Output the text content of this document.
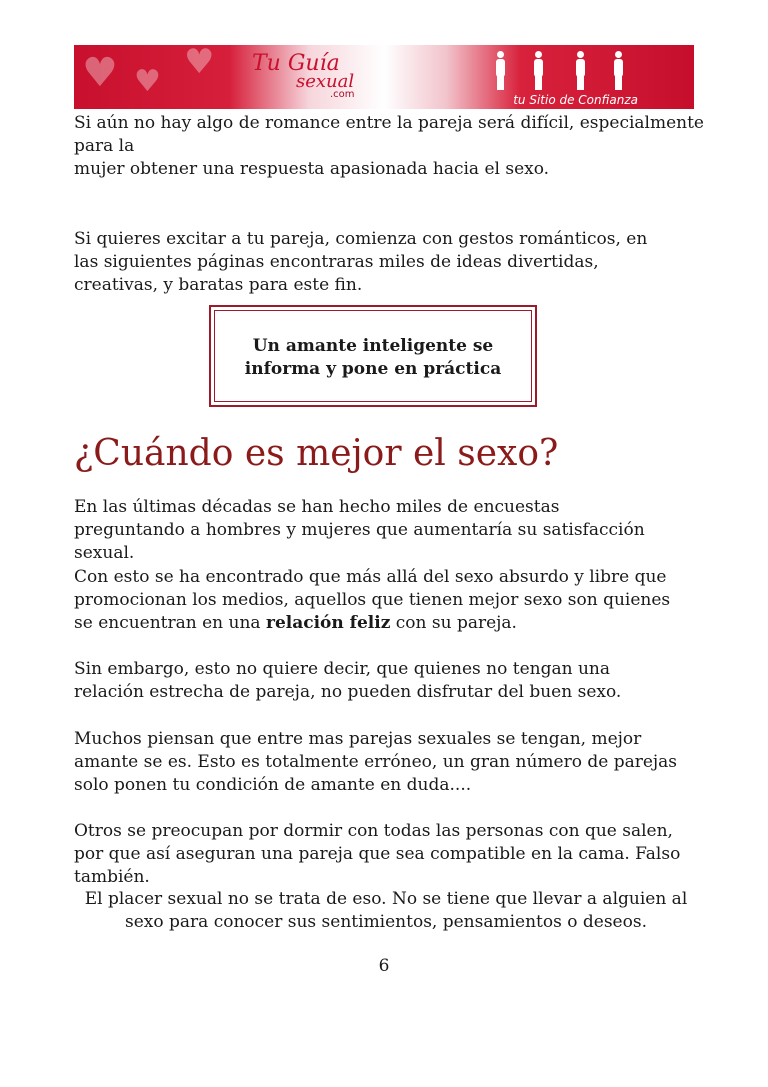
♥ ♥ ♥ Tu Guía
sexual
.com	tu Sitio de Confianza

Si aún no hay algo de romance entre la pareja será difícil, especialmente

para la

mujer obtener una respuesta apasionada hacia el sexo.

Si quieres excitar a tu pareja, comienza con gestos románticos, en las siguientes páginas encontraras miles de ideas divertidas, creativas, y baratas para este fin.

Un amante inteligente se
informa y pone en práctica
¿Cuándo es mejor el sexo?

En las últimas décadas se han hecho miles de encuestas preguntando a hombres y mujeres que aumentaría su satisfacción sexual.

Con esto se ha encontrado que más allá del sexo absurdo y libre que promocionan los medios, aquellos que tienen mejor sexo son quienes se encuentran en una relación feliz con su pareja.

Sin embargo, esto no quiere decir, que quienes no tengan una relación estrecha de pareja, no pueden disfrutar del buen sexo.

Muchos piensan que entre mas parejas sexuales se tengan, mejor amante se es. Esto es totalmente erróneo, un gran número de parejas solo ponen tu condición de amante en duda....

Otros se preocupan por dormir con todas las personas con que salen, por que así aseguran una pareja que sea compatible en la cama. Falso también.

El placer sexual no se trata de eso. No se tiene que llevar a alguien al sexo para conocer sus sentimientos, pensamientos o deseos.

6
